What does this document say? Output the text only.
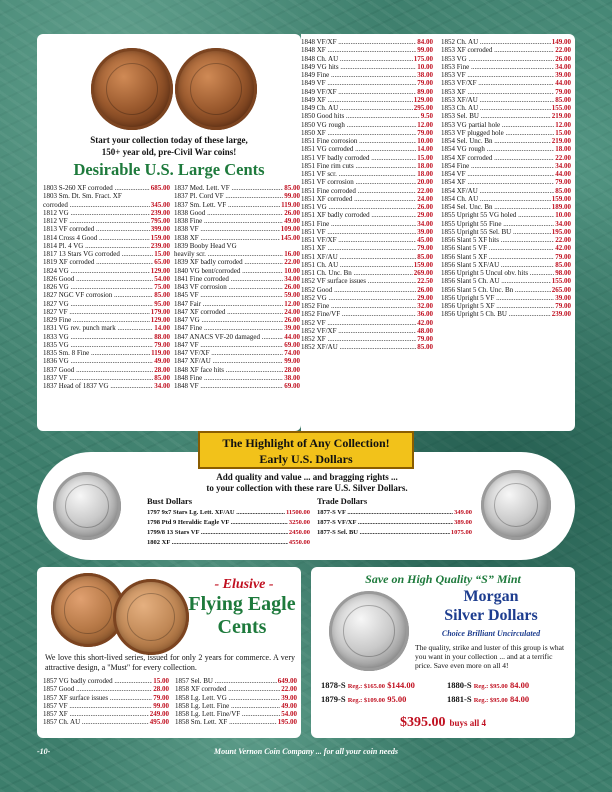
Start your collection today of these large,
150+ year old, pre-Civil War coins!
Desirable U.S. Large Cents
1803 S-260 XF corroded .....	685.00
1803 Sm. Dt. Sm. Fract. XF
corroded .....	345.00
1812 VG .....	239.00
1812 VF .....	795.00
1813 VF corroded .....	399.00
1814 Cross 4 Good .....	159.00
1814 Pl. 4 VG .....	239.00
1817 13 Stars VG corroded .....	15.00
1819 XF corroded .....	65.00
1824 VG .....	129.00
1826 Good .....	54.00
1826 VG .....	75.00
1827 NGC VF corrosion .....	85.00
1827 VG .....	95.00
1827 VF .....	179.00
1829 Fine .....	129.00
1831 VG rev. punch mark .....	14.00
1833 VG .....	88.00
1835 VG .....	79.00
1835 Sm. 8 Fine .....	119.00
1836 VG .....	49.00
1837 Good .....	28.00
1837 VF .....	85.00
1837 Head of 1837 VG .....	34.00
1837 Med. Lett. VF .....	85.00
1837 Pl. Cord VF .....	99.00
1837 Sm. Lett. VF .....	119.00
1838 Good .....	26.00
1838 Fine .....	49.00
1838 VF .....	109.00
1838 XF .....	145.00
1839 Booby Head VG
heavily scr. .....	16.00
1839 XF badly corroded .....	22.00
1840 VG bent/corroded .....	10.00
1841 Fine corroded .....	34.00
1843 VF corrosion .....	26.00
1845 VF .....	59.00
1847 Fair .....	12.00
1847 XF corroded .....	24.00
1847 VG .....	26.00
1847 Fine .....	39.00
1847 ANACS VF-20 damaged .....	44.00
1847 VF .....	69.00
1847 VF/XF .....	74.00
1847 XF/AU .....	99.00
1848 XF face hits .....	28.00
1848 Fine .....	38.00
1848 VF .....	69.00
1848 VF/XF .....	84.00
1848 XF .....	99.00
1848 Ch. AU .....	175.00
1849 VG hits .....	10.00
1849 Fine .....	38.00
1849 VF .....	79.00
1849 VF/XF .....	89.00
1849 XF .....	129.00
1849 Ch. AU .....	295.00
1850 Good hits .....	9.50
1850 VG rough .....	12.00
1850 XF .....	79.00
1851 Fine corrosion .....	10.00
1851 VG corroded .....	14.00
1851 VF badly corroded .....	15.00
1851 Fine rim cuts .....	18.00
1851 VF scr. .....	18.00
1851 VF corrosion .....	20.00
1851 Fine corroded .....	22.00
1851 XF corroded .....	24.00
1851 VG .....	26.00
1851 XF badly corroded .....	29.00
1851 Fine .....	34.00
1851 VF .....	39.00
1851 VF/XF .....	45.00
1851 XF .....	79.00
1851 XF/AU .....	85.00
1851 Ch. AU .....	159.00
1851 Ch. Unc. Bn .....	269.00
1852 VF surface issues .....	22.50
1852 Good .....	26.00
1852 VG .....	29.00
1852 Fine .....	32.00
1852 Fine/VF .....	36.00
1852 VF .....	42.00
1852 VF/XF .....	48.00
1852 XF .....	79.00
1852 XF/AU .....	85.00
1852 Ch. AU .....	149.00
1853 XF corroded .....	22.00
1853 VG .....	26.00
1853 Fine .....	34.00
1853 VF .....	39.00
1853 VF/XF .....	44.00
1853 XF .....	79.00
1853 XF/AU .....	85.00
1853 Ch. AU .....	155.00
1853 Sel. BU .....	219.00
1853 VG partial hole .....	12.00
1853 VF plugged hole .....	15.00
1854 Sel. Unc. Bn .....	219.00
1854 VG rough .....	18.00
1854 XF corroded .....	22.00
1854 Fine .....	34.00
1854 VF .....	44.00
1854 XF .....	79.00
1854 XF/AU .....	85.00
1854 Ch. AU .....	159.00
1854 Sel. Unc. Bn .....	189.00
1855 Upright 55 VG holed .....	10.00
1855 Upright 55 Fine .....	34.00
1855 Upright 55 Sel. BU .....	195.00
1856 Slant 5 XF hits .....	22.00
1856 Slant 5 VF .....	42.00
1856 Slant 5 XF .....	79.00
1856 Slant 5 XF/AU .....	85.00
1856 Upright 5 Uncul obv. hits .....	98.00
1856 Slant 5 Ch. AU .....	155.00
1856 Slant 5 Ch. Unc. Bn .....	265.00
1856 Upright 5 VF .....	39.00
1856 Upright 5 XF .....	79.00
1856 Upright 5 Ch. BU .....	239.00
Add quality and value ... and bragging rights ...
to your collection with these rare U.S. Silver Dollars.
Bust Dollars
1797 9x7 Stars Lg. Lett. XF/AU .....	11500.00
1798 Ptd 9 Heraldic Eagle VF .....	3250.00
1799/8 13 Stars VF .....	2450.00
1802 XF .....	4550.00
Trade Dollars
1877-S VF .....	349.00
1877-S VF/XF .....	389.00
1877-S Sel. BU .....	1075.00
The Highlight of Any Collection!
Early U.S. Dollars
- Elusive -
Flying Eagle
Cents
We love this short-lived series, issued for only 2 years for commerce. A very attractive design, a "Must" for every collection.
1857 VG badly corroded .....	15.00
1857 Good .....	28.00
1857 XF surface issues .....	79.00
1857 VF .....	99.00
1857 XF .....	249.00
1857 Ch. AU .....	495.00
1857 Sel. BU .....	649.00
1858 XF corroded .....	22.00
1858 Lg. Lett. VG .....	39.00
1858 Lg. Lett. Fine .....	49.00
1858 Lg. Lett. Fine/VF .....	54.00
1858 Sm. Lett. XF .....	195.00
Save on High Quality “S” Mint
Morgan
Silver Dollars
Choice Brilliant Uncirculated
The quality, strike and luster of this group is what you want in your collection ... and at a terrific price. Save even more on all 4!
1878-S Reg.: $165.00 $144.00	1880-S Reg.: $95.00 84.00
1879-S Reg.: $109.00 95.00	1881-S Reg.: $95.00 84.00
$395.00 buys all 4
-10-	Mount Vernon Coin Company ... for all your coin needs
